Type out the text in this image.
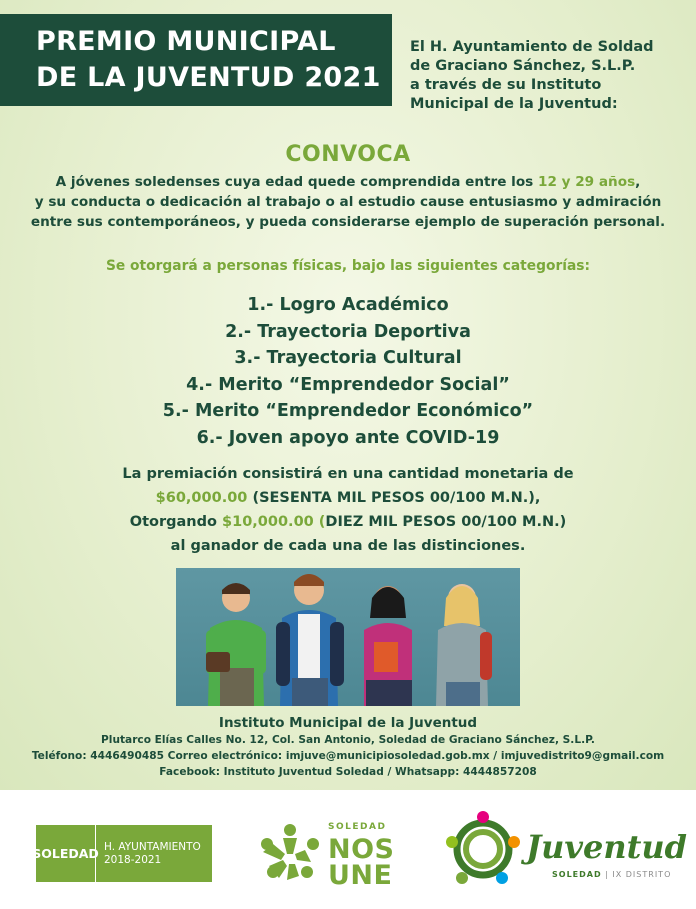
PREMIO MUNICIPAL
DE LA JUVENTUD 2021
El H. Ayuntamiento de Soldad
de Graciano Sánchez, S.L.P.
a través de su Instituto
Municipal de la Juventud:
CONVOCA
A jóvenes soledenses cuya edad quede comprendida entre los 12 y 29 años,
y su conducta o dedicación al trabajo o al estudio cause entusiasmo y admiración
entre sus contemporáneos, y pueda considerarse ejemplo de superación personal.
Se otorgará a personas físicas, bajo las siguientes categorías:
1.- Logro Académico
2.- Trayectoria Deportiva
3.- Trayectoria Cultural
4.- Merito “Emprendedor Social”
5.- Merito “Emprendedor Económico”
6.- Joven apoyo ante COVID-19
La premiación consistirá en una cantidad monetaria de
$60,000.00 (SESENTA MIL PESOS 00/100 M.N.),
Otorgando $10,000.00 (DIEZ MIL PESOS 00/100 M.N.)
al ganador de cada una de las distinciones.
Instituto Municipal de la Juventud
Plutarco Elías Calles No. 12, Col. San Antonio, Soledad de Graciano Sánchez, S.L.P.
Teléfono: 4446490485 Correo electrónico: imjuve@municipiosoledad.gob.mx / imjuvedistrito9@gmail.com
Facebook: Instituto Juventud Soledad / Whatsapp: 4444857208
SOLEDAD H. AYUNTAMIENTO
2018-2021
SOLEDAD
NOS
UNE
Juventud
SOLEDAD | IX DISTRITO
